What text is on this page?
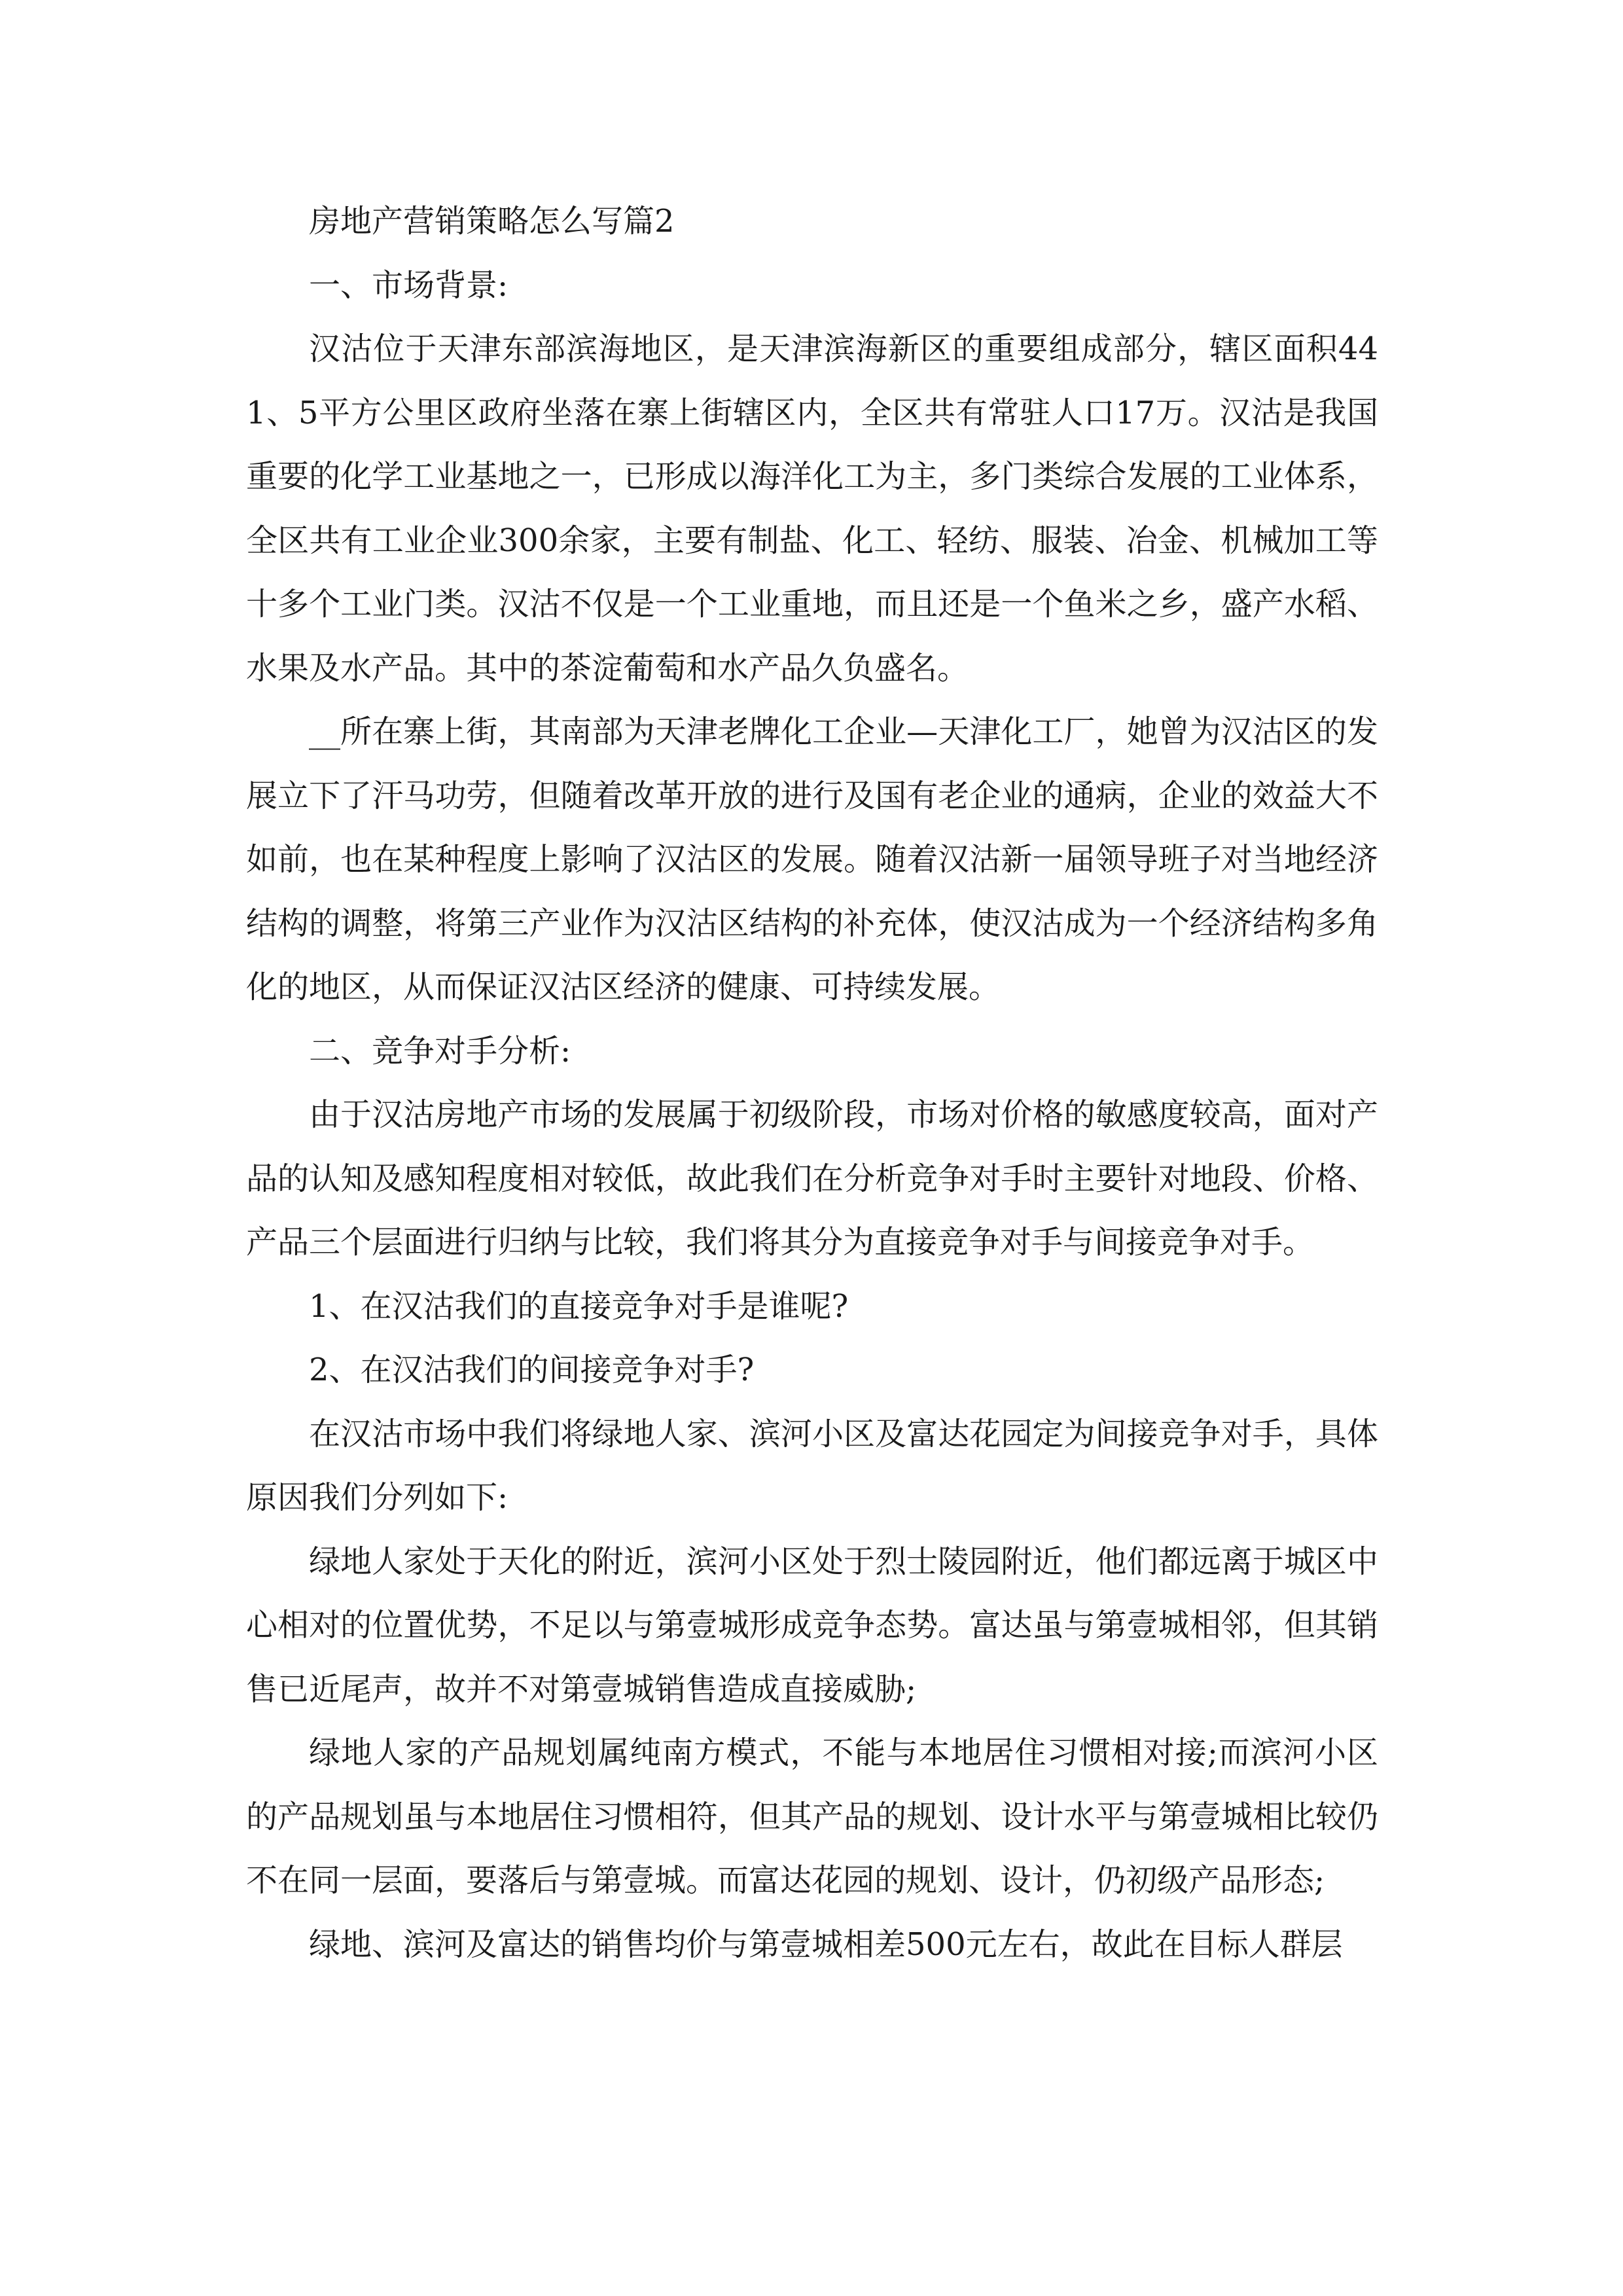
房地产营销策略怎么写篇2

一、市场背景:

汉沽位于天津东部滨海地区，是天津滨海新区的重要组成部分，辖区面积441、5平方公里区政府坐落在寨上街辖区内，全区共有常驻人口17万。汉沽是我国重要的化学工业基地之一，已形成以海洋化工为主，多门类综合发展的工业体系，全区共有工业企业300余家，主要有制盐、化工、轻纺、服装、冶金、机械加工等十多个工业门类。汉沽不仅是一个工业重地，而且还是一个鱼米之乡，盛产水稻、水果及水产品。其中的茶淀葡萄和水产品久负盛名。

__所在寨上街，其南部为天津老牌化工企业—天津化工厂，她曾为汉沽区的发展立下了汗马功劳，但随着改革开放的进行及国有老企业的通病，企业的效益大不如前，也在某种程度上影响了汉沽区的发展。随着汉沽新一届领导班子对当地经济结构的调整，将第三产业作为汉沽区结构的补充体，使汉沽成为一个经济结构多角化的地区，从而保证汉沽区经济的健康、可持续发展。

二、竞争对手分析:

由于汉沽房地产市场的发展属于初级阶段，市场对价格的敏感度较高，面对产品的认知及感知程度相对较低，故此我们在分析竞争对手时主要针对地段、价格、产品三个层面进行归纳与比较，我们将其分为直接竞争对手与间接竞争对手。

1、在汉沽我们的直接竞争对手是谁呢?

2、在汉沽我们的间接竞争对手?

在汉沽市场中我们将绿地人家、滨河小区及富达花园定为间接竞争对手，具体原因我们分列如下:

绿地人家处于天化的附近，滨河小区处于烈士陵园附近，他们都远离于城区中心相对的位置优势，不足以与第壹城形成竞争态势。富达虽与第壹城相邻，但其销售已近尾声，故并不对第壹城销售造成直接威胁;

绿地人家的产品规划属纯南方模式，不能与本地居住习惯相对接;而滨河小区的产品规划虽与本地居住习惯相符，但其产品的规划、设计水平与第壹城相比较仍不在同一层面，要落后与第壹城。而富达花园的规划、设计，仍初级产品形态;

绿地、滨河及富达的销售均价与第壹城相差500元左右，故此在目标人群层
